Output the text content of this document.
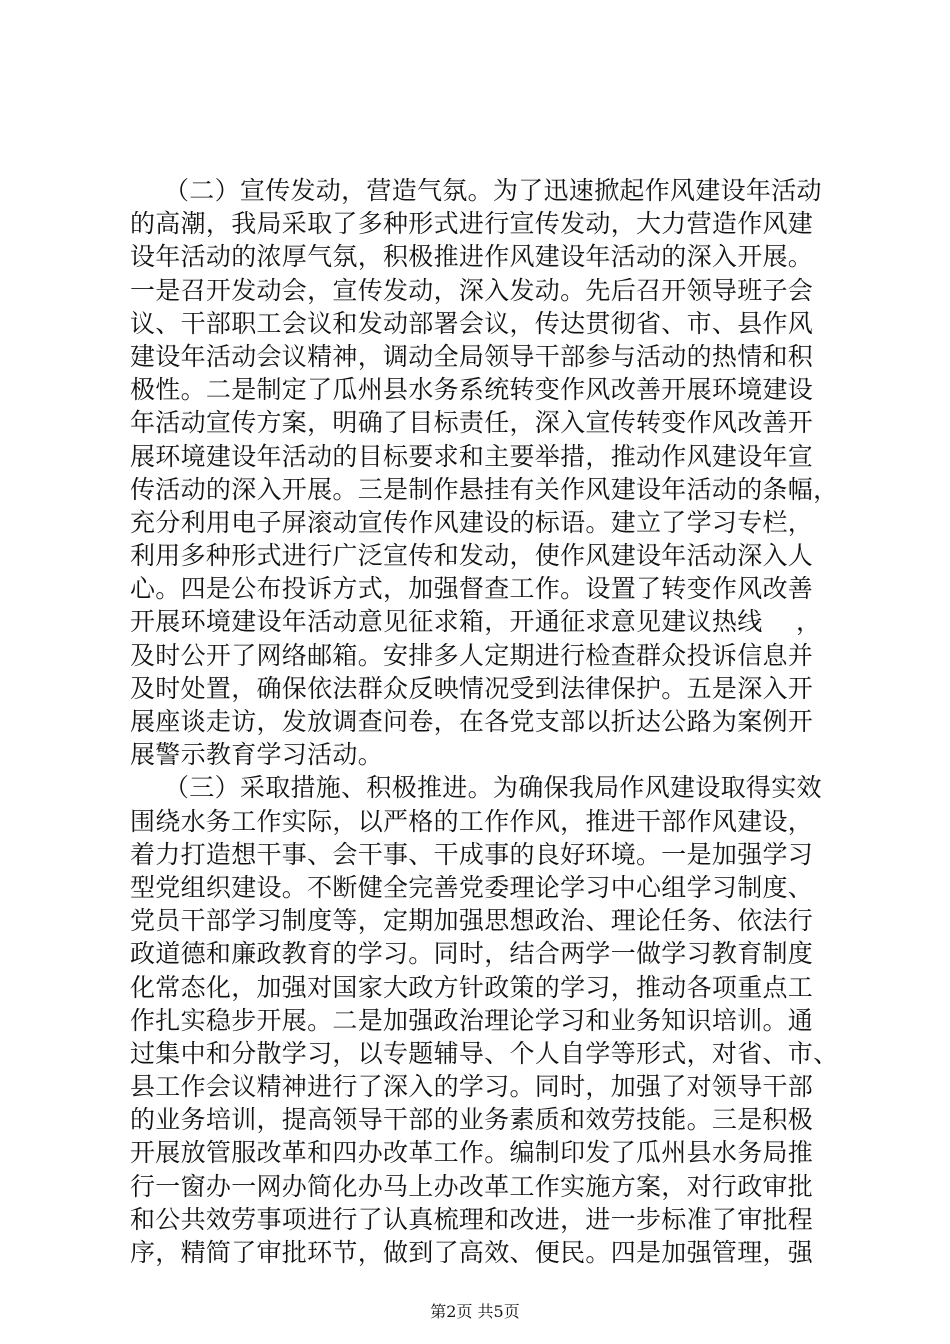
（二）宣传发动，营造气氛。为了迅速掀起作风建设年活动
的高潮，我局采取了多种形式进行宣传发动，大力营造作风建
设年活动的浓厚气氛，积极推进作风建设年活动的深入开展。
一是召开发动会，宣传发动，深入发动。先后召开领导班子会
议、干部职工会议和发动部署会议，传达贯彻省、市、县作风
建设年活动会议精神，调动全局领导干部参与活动的热情和积
极性。二是制定了瓜州县水务系统转变作风改善开展环境建设
年活动宣传方案，明确了目标责任，深入宣传转变作风改善开
展环境建设年活动的目标要求和主要举措，推动作风建设年宣
传活动的深入开展。三是制作悬挂有关作风建设年活动的条幅，
充分利用电子屏滚动宣传作风建设的标语。建立了学习专栏，
利用多种形式进行广泛宣传和发动，使作风建设年活动深入人
心。四是公布投诉方式，加强督查工作。设置了转变作风改善
开展环境建设年活动意见征求箱，开通征求意见建议热线　 ，
及时公开了网络邮箱。安排多人定期进行检查群众投诉信息并
及时处置，确保依法群众反映情况受到法律保护。五是深入开
展座谈走访，发放调查问卷，在各党支部以折达公路为案例开
展警示教育学习活动。
（三）采取措施、积极推进。为确保我局作风建设取得实效
围绕水务工作实际，以严格的工作作风，推进干部作风建设，
着力打造想干事、会干事、干成事的良好环境。一是加强学习
型党组织建设。不断健全完善党委理论学习中心组学习制度、
党员干部学习制度等，定期加强思想政治、理论任务、依法行
政道德和廉政教育的学习。同时，结合两学一做学习教育制度
化常态化，加强对国家大政方针政策的学习，推动各项重点工
作扎实稳步开展。二是加强政治理论学习和业务知识培训。通
过集中和分散学习，以专题辅导、个人自学等形式，对省、市、
县工作会议精神进行了深入的学习。同时，加强了对领导干部
的业务培训，提高领导干部的业务素质和效劳技能。三是积极
开展放管服改革和四办改革工作。编制印发了瓜州县水务局推
行一窗办一网办简化办马上办改革工作实施方案，对行政审批
和公共效劳事项进行了认真梳理和改进，进一步标准了审批程
序，精简了审批环节，做到了高效、便民。四是加强管理，强
第2页 共5页
